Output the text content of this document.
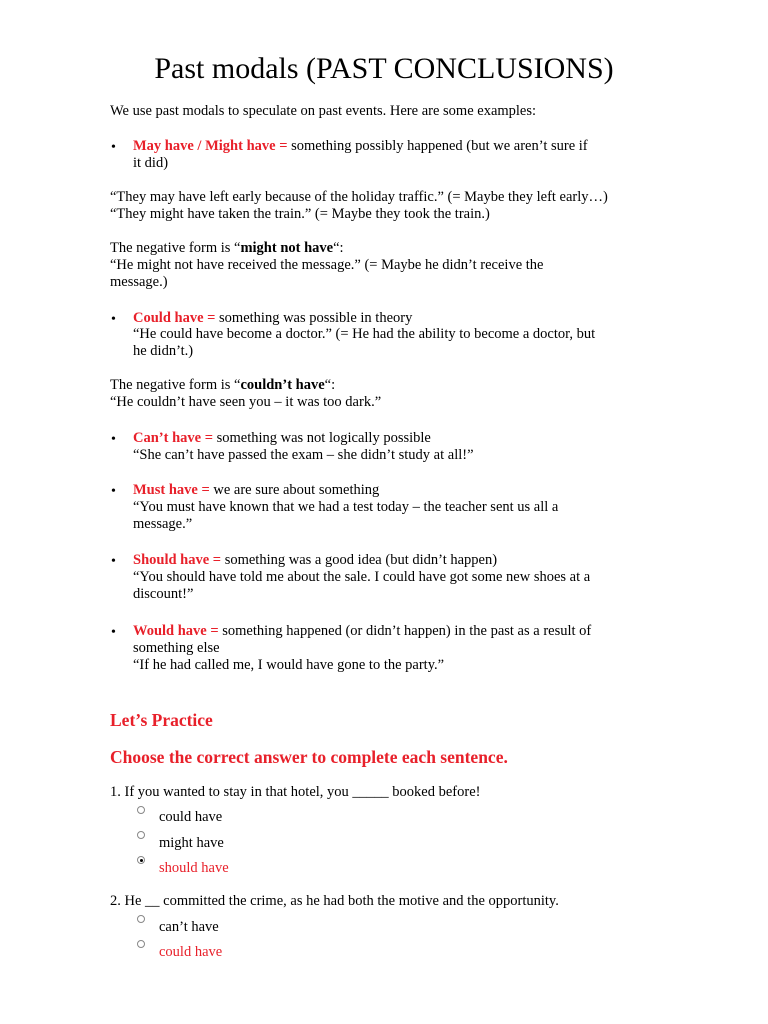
Past modals (PAST CONCLUSIONS)

We use past modals to speculate on past events. Here are some examples:

• May have / Might have = something possibly happened (but we aren’t sure if

it did)

“They may have left early because of the holiday traffic.” (= Maybe they left early…)

“They might have taken the train.” (= Maybe they took the train.)

The negative form is “might not have“:

“He might not have received the message.” (= Maybe he didn’t receive the

message.)

• Could have = something was possible in theory

“He could have become a doctor.” (= He had the ability to become a doctor, but

he didn’t.)

The negative form is “couldn’t have“:

“He couldn’t have seen you – it was too dark.”

• Can’t have = something was not logically possible

“She can’t have passed the exam – she didn’t study at all!”

• Must have = we are sure about something

“You must have known that we had a test today – the teacher sent us all a

message.”

• Should have = something was a good idea (but didn’t happen)

“You should have told me about the sale. I could have got some new shoes at a

discount!”

• Would have = something happened (or didn’t happen) in the past as a result of

something else

“If he had called me, I would have gone to the party.”

Let’s Practice
Choose the correct answer to complete each sentence.

1. If you wanted to stay in that hotel, you _____ booked before!

could have

might have

should have

2. He __ committed the crime, as he had both the motive and the opportunity.

can’t have

could have
